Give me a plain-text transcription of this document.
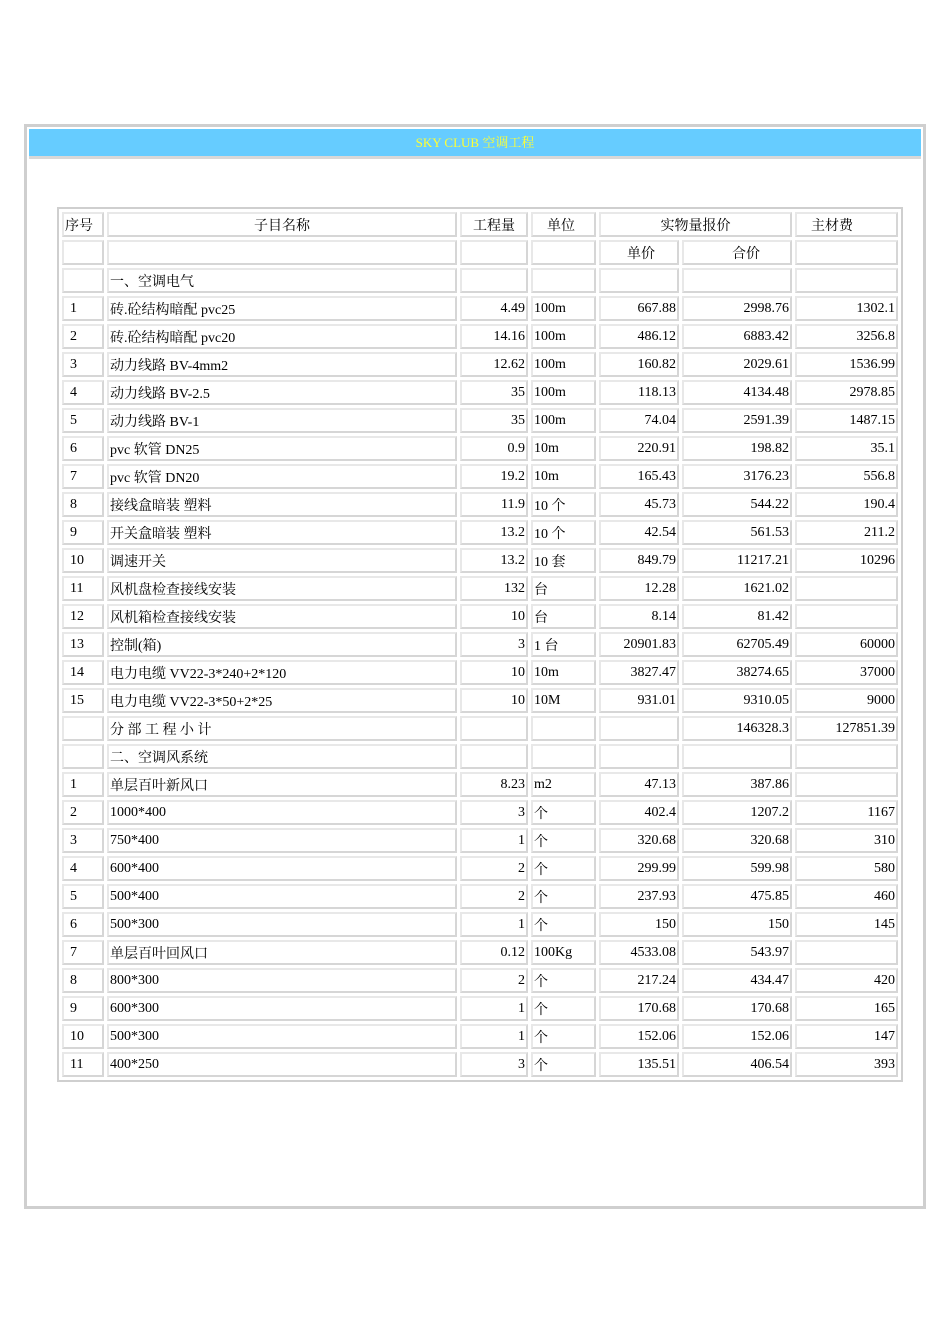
SKY CLUB 空调工程
序号	子目名称	工程量	单位	实物量报价		主材费
				单价	合价	
	一、空调电气					
1	砖.砼结构暗配 pvc25	4.49	100m	667.88	2998.76	1302.1
2	砖.砼结构暗配 pvc20	14.16	100m	486.12	6883.42	3256.8
3	动力线路 BV-4mm2	12.62	100m	160.82	2029.61	1536.99
4	动力线路 BV-2.5	35	100m	118.13	4134.48	2978.85
5	动力线路 BV-1	35	100m	74.04	2591.39	1487.15
6	pvc 软管 DN25	0.9	10m	220.91	198.82	35.1
7	pvc 软管 DN20	19.2	10m	165.43	3176.23	556.8
8	接线盒暗装 塑料	11.9	10 个	45.73	544.22	190.4
9	开关盒暗装 塑料	13.2	10 个	42.54	561.53	211.2
10	调速开关	13.2	10 套	849.79	11217.21	10296
11	风机盘检查接线安装	132	台	12.28	1621.02	
12	风机箱检查接线安装	10	台	8.14	81.42	
13	控制(箱)	3	1 台	20901.83	62705.49	60000
14	电力电缆 VV22-3*240+2*120	10	10m	3827.47	38274.65	37000
15	电力电缆 VV22-3*50+2*25	10	10M	931.01	9310.05	9000
	分 部 工 程 小 计				146328.3	127851.39
	二、空调风系统					
1	单层百叶新风口	8.23	m2	47.13	387.86	
2	1000*400	3	个	402.4	1207.2	1167
3	750*400	1	个	320.68	320.68	310
4	600*400	2	个	299.99	599.98	580
5	500*400	2	个	237.93	475.85	460
6	500*300	1	个	150	150	145
7	单层百叶回风口	0.12	100Kg	4533.08	543.97	
8	800*300	2	个	217.24	434.47	420
9	600*300	1	个	170.68	170.68	165
10	500*300	1	个	152.06	152.06	147
11	400*250	3	个	135.51	406.54	393
